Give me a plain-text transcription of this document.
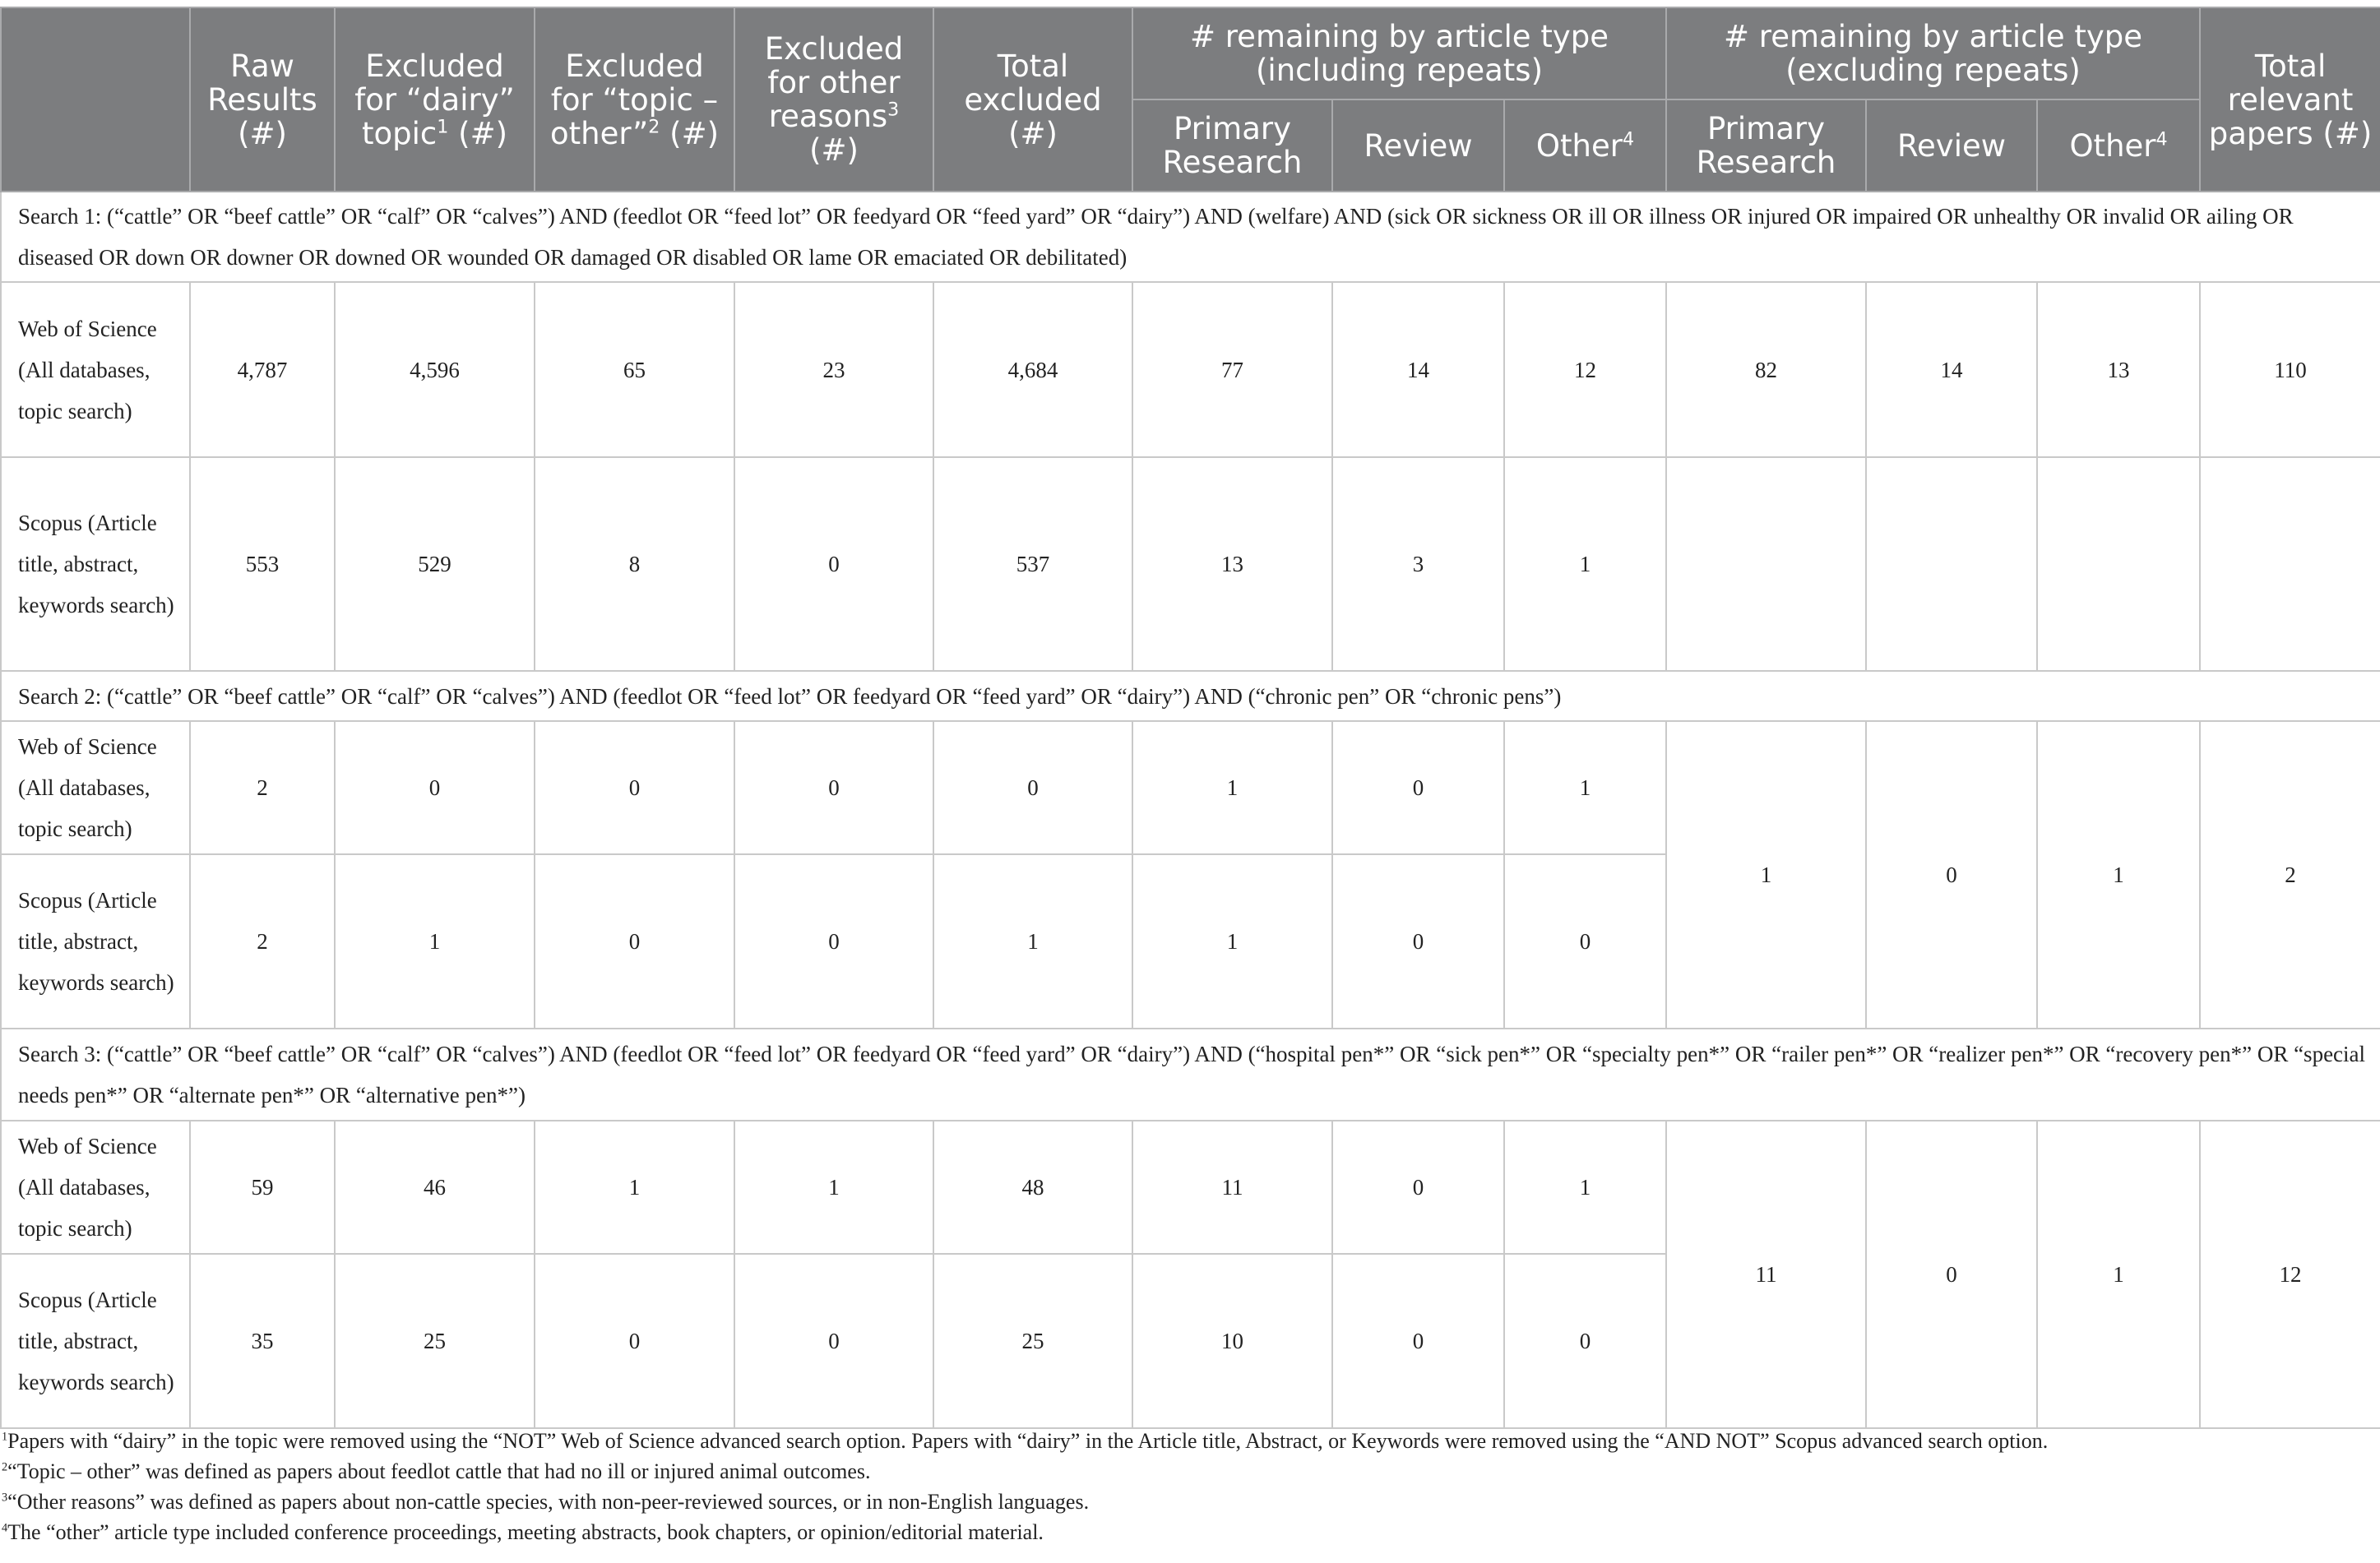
	Raw Results (#)	Excluded for “dairy” topic$^1$ (#)	Excluded for “topic – other”$^2$ (#)	Excluded for other reasons$^3$ (#)	Total excluded (#)	# remaining by article type (including repeats)			# remaining by article type (excluding repeats)			Total relevant papers (#)
						Primary Research	Review	Other$^4$	Primary Research	Review	Other$^4$
Search 1: (“cattle” OR “beef cattle” OR “calf” OR “calves”) AND (feedlot OR “feed lot” OR feedyard OR “feed yard” OR “dairy”) AND (welfare) AND (sick OR sickness OR ill OR illness OR injured OR impaired OR unhealthy OR invalid OR ailing OR diseased OR down OR downer OR downed OR wounded OR damaged OR disabled OR lame OR emaciated OR debilitated)												
Web of Science (All databases, topic search)	4,787	4,596	65	23	4,684	77	14	12	82	14	13	110
Scopus (Article title, abstract, keywords search)	553	529	8	0	537	13	3	1				
Search 2: (“cattle” OR “beef cattle” OR “calf” OR “calves”) AND (feedlot OR “feed lot” OR feedyard OR “feed yard” OR “dairy”) AND (“chronic pen” OR “chronic pens”)												
Web of Science (All databases, topic search)	2	0	0	0	0	1	0	1	1	0	1	2
Scopus (Article title, abstract, keywords search)	2	1	0	0	1	1	0	0				
Search 3: (“cattle” OR “beef cattle” OR “calf” OR “calves”) AND (feedlot OR “feed lot” OR feedyard OR “feed yard” OR “dairy”) AND (“hospital pen*” OR “sick pen*” OR “specialty pen*” OR “railer pen*” OR “realizer pen*” OR “recovery pen*” OR “special needs pen*” OR “alternate pen*” OR “alternative pen*”)												
Web of Science (All databases, topic search)	59	46	1	1	48	11	0	1	11	0	1	12
Scopus (Article title, abstract, keywords search)	35	25	0	0	25	10	0	0				

$^1$Papers with “dairy” in the topic were removed using the “NOT” Web of Science advanced search option. Papers with “dairy” in the Article title, Abstract, or Keywords were removed using the “AND NOT” Scopus advanced search option.

$^2$“Topic – other” was defined as papers about feedlot cattle that had no ill or injured animal outcomes.

$^3$“Other reasons” was defined as papers about non-cattle species, with non-peer-reviewed sources, or in non-English languages.

$^4$The “other” article type included conference proceedings, meeting abstracts, book chapters, or opinion/editorial material.
